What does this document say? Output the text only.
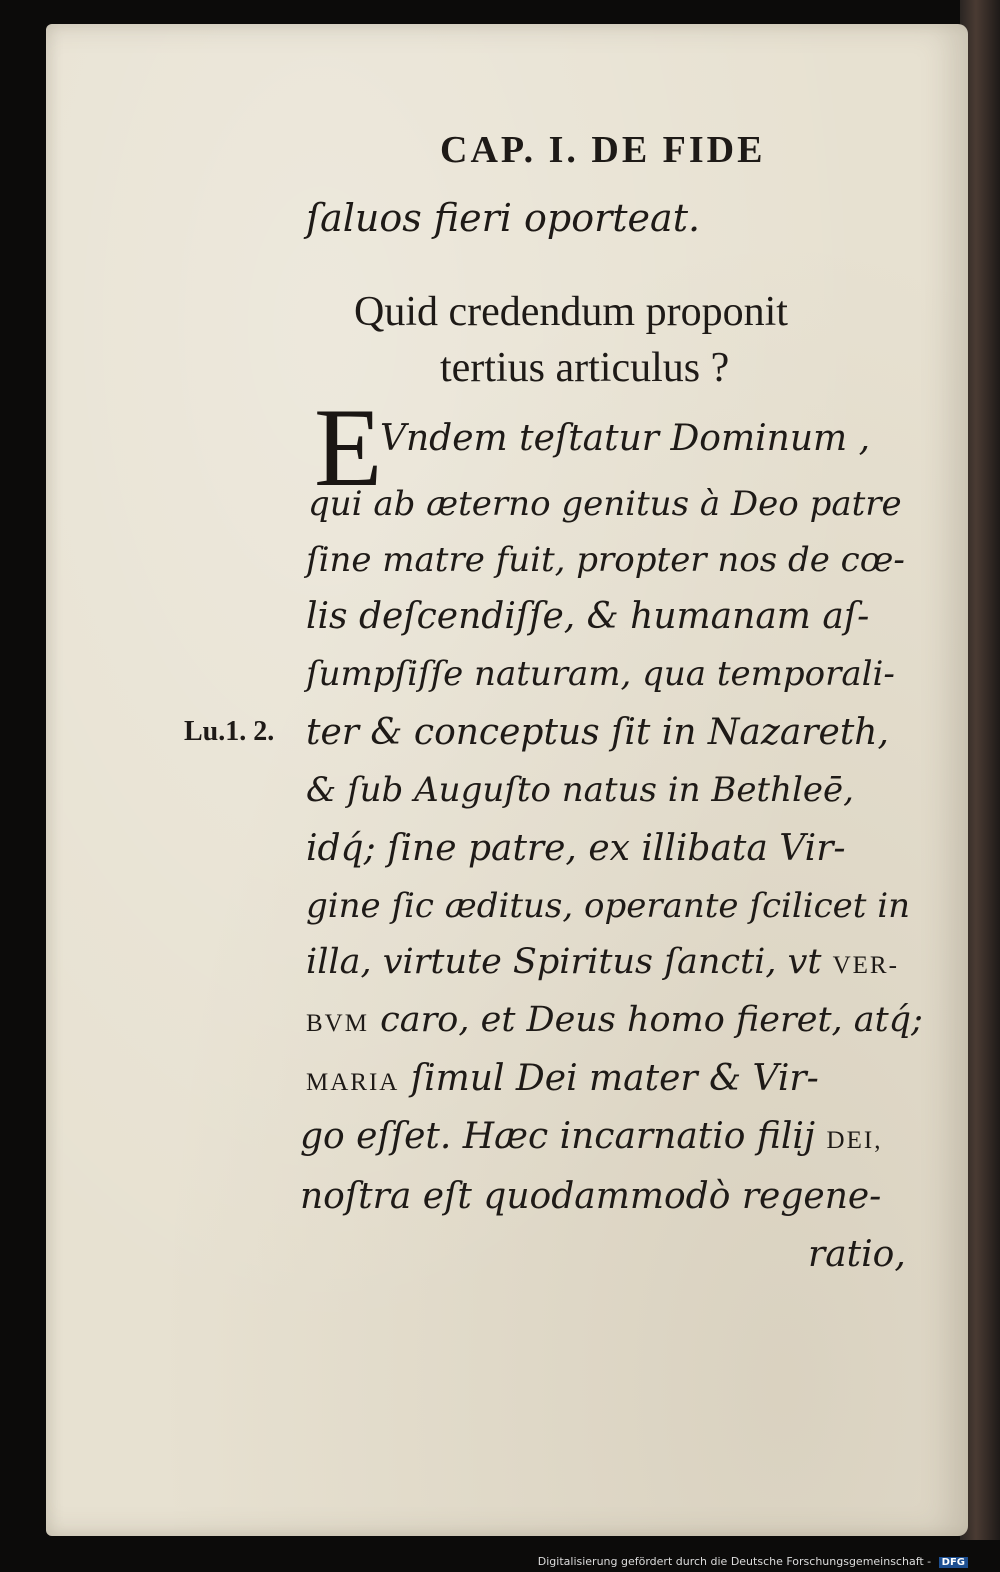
CAP. I. DE FIDE
ſaluos fieri oporteat.
Quid credendum proponit
tertius articulus ?
E
Vndem teſtatur Dominum ,
qui ab æterno genitus à Deo patre
ſine matre fuit, propter nos de cœ-
lis deſcendiſſe, & humanam aſ-
ſumpſiſſe naturam, qua temporali-
Lu.1. 2. ter & conceptus ſit in Nazareth,
& ſub Auguſto natus in Bethleē,
idq́; ſine patre, ex illibata Vir-
gine ſic æditus, operante ſcilicet in
illa, virtute Spiritus ſancti, vt VER-
BVM caro, et Deus homo fieret, atq́;
MARIA ſimul Dei mater & Vir-
go eſſet. Hæc incarnatio filij DEI,
noſtra eſt quodammodò regene-
ratio,
Digitalisierung gefördert durch die Deutsche Forschungsgemeinschaft - DFG
